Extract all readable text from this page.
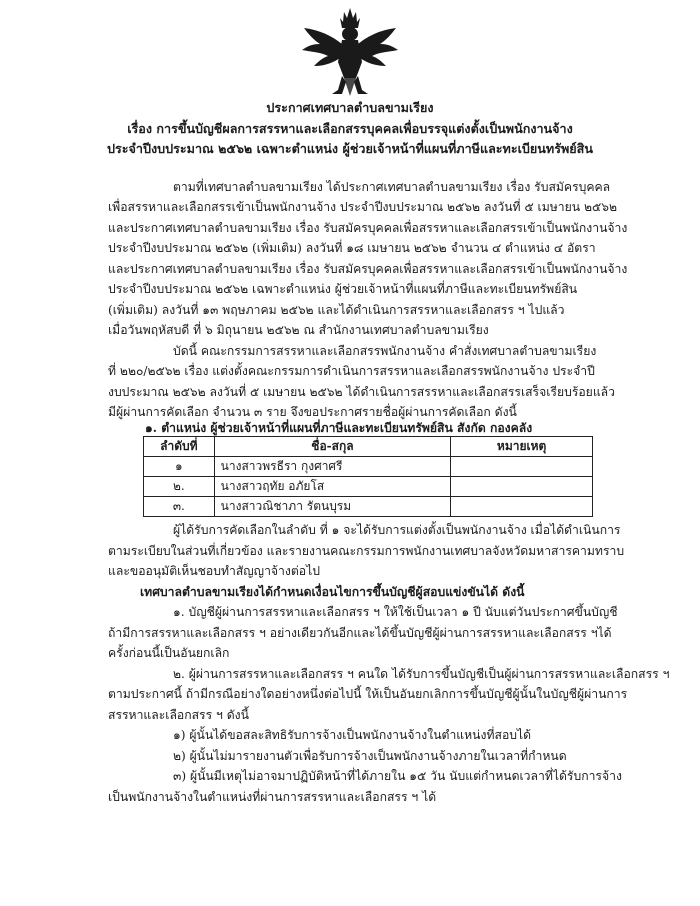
ประกาศเทศบาลตำบลขามเรียง
เรื่อง การขึ้นบัญชีผลการสรรหาและเลือกสรรบุคคลเพื่อบรรจุแต่งตั้งเป็นพนักงานจ้าง
ประจำปีงบประมาณ ๒๕๖๒ เฉพาะตำแหน่ง ผู้ช่วยเจ้าหน้าที่แผนที่ภาษีและทะเบียนทรัพย์สิน
ตามที่เทศบาลตำบลขามเรียง ได้ประกาศเทศบาลตำบลขามเรียง เรื่อง รับสมัครบุคคล
เพื่อสรรหาและเลือกสรรเข้าเป็นพนักงานจ้าง ประจำปีงบประมาณ ๒๕๖๒ ลงวันที่ ๕ เมษายน ๒๕๖๒
และประกาศเทศบาลตำบลขามเรียง เรื่อง รับสมัครบุคคลเพื่อสรรหาและเลือกสรรเข้าเป็นพนักงานจ้าง
ประจำปีงบประมาณ ๒๕๖๒ (เพิ่มเติม) ลงวันที่ ๑๘ เมษายน ๒๕๖๒ จำนวน ๔ ตำแหน่ง ๔ อัตรา
และประกาศเทศบาลตำบลขามเรียง เรื่อง รับสมัครบุคคลเพื่อสรรหาและเลือกสรรเข้าเป็นพนักงานจ้าง
ประจำปีงบประมาณ ๒๕๖๒ เฉพาะตำแหน่ง ผู้ช่วยเจ้าหน้าที่แผนที่ภาษีและทะเบียนทรัพย์สิน
(เพิ่มเติม) ลงวันที่ ๑๓ พฤษภาคม ๒๕๖๒ และได้ดำเนินการสรรหาและเลือกสรร ฯ ไปแล้ว
เมื่อวันพฤหัสบดี ที่ ๖ มิถุนายน ๒๕๖๒ ณ สำนักงานเทศบาลตำบลขามเรียง
บัดนี้ คณะกรรมการสรรหาและเลือกสรรพนักงานจ้าง คำสั่งเทศบาลตำบลขามเรียง
ที่ ๒๒๐/๒๕๖๒ เรื่อง แต่งตั้งคณะกรรมการดำเนินการสรรหาและเลือกสรรพนักงานจ้าง ประจำปี
งบประมาณ ๒๕๖๒ ลงวันที่ ๕ เมษายน ๒๕๖๒ ได้ดำเนินการสรรหาและเลือกสรรเสร็จเรียบร้อยแล้ว
มีผู้ผ่านการคัดเลือก จำนวน ๓ ราย จึงขอประกาศรายชื่อผู้ผ่านการคัดเลือก ดังนี้
๑. ตำแหน่ง ผู้ช่วยเจ้าหน้าที่แผนที่ภาษีและทะเบียนทรัพย์สิน สังกัด กองคลัง
ลำดับที่	ชื่อ-สกุล	หมายเหตุ
๑	นางสาวพรธีรา กุงศาศรี	
๒.	นางสาวฤทัย อภัยโส	
๓.	นางสาวณิชาภา รัตนบุรม	
ผู้ได้รับการคัดเลือกในลำดับ ที่ ๑ จะได้รับการแต่งตั้งเป็นพนักงานจ้าง เมื่อได้ดำเนินการ
ตามระเบียบในส่วนที่เกี่ยวข้อง และรายงานคณะกรรมการพนักงานเทศบาลจังหวัดมหาสารคามทราบ
และขออนุมัติเห็นชอบทำสัญญาจ้างต่อไป
เทศบาลตำบลขามเรียงได้กำหนดเงื่อนไขการขึ้นบัญชีผู้สอบแข่งขันได้ ดังนี้
๑. บัญชีผู้ผ่านการสรรหาและเลือกสรร ฯ ให้ใช้เป็นเวลา ๑ ปี นับแต่วันประกาศขึ้นบัญชี
ถ้ามีการสรรหาและเลือกสรร ฯ อย่างเดียวกันอีกและได้ขึ้นบัญชีผู้ผ่านการสรรหาและเลือกสรร ฯได้
ครั้งก่อนนี้เป็นอันยกเลิก
๒. ผู้ผ่านการสรรหาและเลือกสรร ฯ คนใด ได้รับการขึ้นบัญชีเป็นผู้ผ่านการสรรหาและเลือกสรร ฯ
ตามประกาศนี้ ถ้ามีกรณีอย่างใดอย่างหนึ่งต่อไปนี้ ให้เป็นอันยกเลิกการขึ้นบัญชีผู้นั้นในบัญชีผู้ผ่านการ
สรรหาและเลือกสรร ฯ ดังนี้
๑) ผู้นั้นได้ขอสละสิทธิรับการจ้างเป็นพนักงานจ้างในตำแหน่งที่สอบได้
๒) ผู้นั้นไม่มารายงานตัวเพื่อรับการจ้างเป็นพนักงานจ้างภายในเวลาที่กำหนด
๓) ผู้นั้นมีเหตุไม่อาจมาปฏิบัติหน้าที่ได้ภายใน ๑๕ วัน นับแต่กำหนดเวลาที่ได้รับการจ้าง
เป็นพนักงานจ้างในตำแหน่งที่ผ่านการสรรหาและเลือกสรร ฯ ได้
